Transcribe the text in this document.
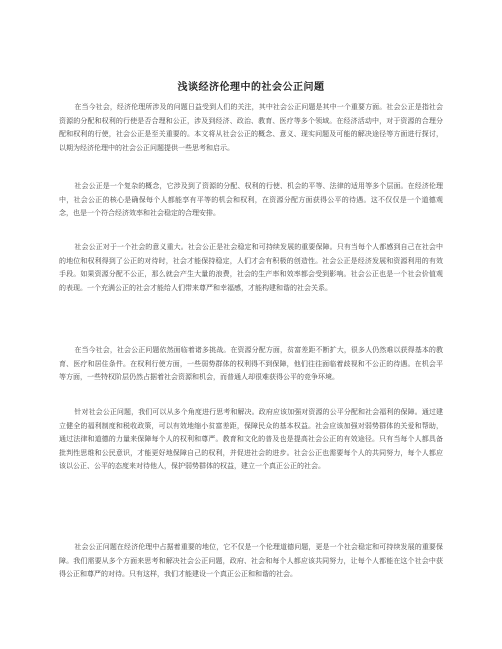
浅谈经济伦理中的社会公正问题

在当今社会，经济伦理所涉及的问题日益受到人们的关注，其中社会公正问题是其中一个重要方面。社会公正是指社会资源的分配和权利的行使是否合理和公正，涉及到经济、政治、教育、医疗等多个领域。在经济活动中，对于资源的合理分配和权利的行使，社会公正是至关重要的。本文将从社会公正的概念、意义、现实问题及可能的解决途径等方面进行探讨，以期为经济伦理中的社会公正问题提供一些思考和启示。

社会公正是一个复杂的概念，它涉及到了资源的分配、权利的行使、机会的平等、法律的适用等多个层面。在经济伦理中，社会公正的核心是确保每个人都能享有平等的机会和权利，在资源分配方面获得公平的待遇。这不仅仅是一个道德观念，也是一个符合经济效率和社会稳定的合理安排。

社会公正对于一个社会的意义重大。社会公正是社会稳定和可持续发展的重要保障。只有当每个人都感到自己在社会中的地位和权利得到了公正的对待时，社会才能保持稳定，人们才会有积极的创造性。社会公正是经济发展和资源利用的有效手段。如果资源分配不公正，那么就会产生大量的浪费，社会的生产率和效率都会受到影响。社会公正也是一个社会价值观的表现。一个充满公正的社会才能给人们带来尊严和幸福感，才能构建和谐的社会关系。

在当今社会，社会公正问题依然面临着诸多挑战。在资源分配方面，贫富差距不断扩大，很多人仍然难以获得基本的教育、医疗和居住条件。在权利行使方面，一些弱势群体的权利得不到保障，他们往往面临着歧视和不公正的待遇。在机会平等方面，一些特权阶层仍然占据着社会资源和机会，而普通人却很难获得公平的竞争环境。

针对社会公正问题，我们可以从多个角度进行思考和解决。政府应该加强对资源的公平分配和社会福利的保障。通过建立健全的福利制度和税收政策，可以有效地缩小贫富差距，保障民众的基本权益。社会应该加强对弱势群体的关爱和帮助，通过法律和道德的力量来保障每个人的权利和尊严。教育和文化的普及也是提高社会公正的有效途径。只有当每个人都具备批判性思维和公民意识，才能更好地保障自己的权利，并促进社会的进步。社会公正也需要每个人的共同努力，每个人都应该以公正、公平的态度来对待他人，保护弱势群体的权益，建立一个真正公正的社会。

社会公正问题在经济伦理中占据着重要的地位，它不仅是一个伦理道德问题，更是一个社会稳定和可持续发展的重要保障。我们需要从多个方面来思考和解决社会公正问题，政府、社会和每个人都应该共同努力，让每个人都能在这个社会中获得公正和尊严的对待。只有这样，我们才能建设一个真正公正和和谐的社会。
